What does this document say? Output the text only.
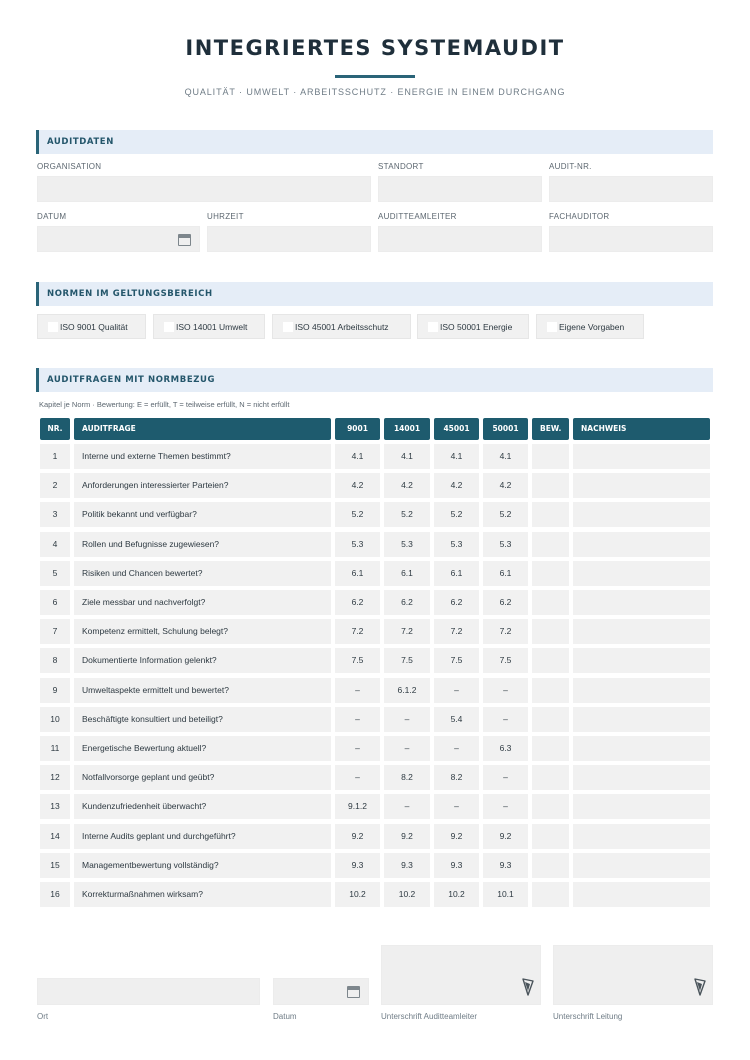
INTEGRIERTES SYSTEMAUDIT
QUALITÄT · UMWELT · ARBEITSSCHUTZ · ENERGIE IN EINEM DURCHGANG
AUDITDATEN
ORGANISATION	STANDORT	AUDIT-NR.
DATUM	UHRZEIT	AUDITTEAMLEITER	FACHAUDITOR
NORMEN IM GELTUNGSBEREICH
ISO 9001 Qualität	ISO 14001 Umwelt	ISO 45001 Arbeitsschutz	ISO 50001 Energie	Eigene Vorgaben
AUDITFRAGEN MIT NORMBEZUG
Kapitel je Norm · Bewertung: E = erfüllt, T = teilweise erfüllt, N = nicht erfüllt
NR.	AUDITFRAGE	9001	14001	45001	50001	BEW.	NACHWEIS
1	Interne und externe Themen bestimmt?	4.1	4.1	4.1	4.1
2	Anforderungen interessierter Parteien?	4.2	4.2	4.2	4.2
3	Politik bekannt und verfügbar?	5.2	5.2	5.2	5.2
4	Rollen und Befugnisse zugewiesen?	5.3	5.3	5.3	5.3
5	Risiken und Chancen bewertet?	6.1	6.1	6.1	6.1
6	Ziele messbar und nachverfolgt?	6.2	6.2	6.2	6.2
7	Kompetenz ermittelt, Schulung belegt?	7.2	7.2	7.2	7.2
8	Dokumentierte Information gelenkt?	7.5	7.5	7.5	7.5
9	Umweltaspekte ermittelt und bewertet?	–	6.1.2	–	–
10	Beschäftigte konsultiert und beteiligt?	–	–	5.4	–
11	Energetische Bewertung aktuell?	–	–	–	6.3
12	Notfallvorsorge geplant und geübt?	–	8.2	8.2	–
13	Kundenzufriedenheit überwacht?	9.1.2	–	–	–
14	Interne Audits geplant und durchgeführt?	9.2	9.2	9.2	9.2
15	Managementbewertung vollständig?	9.3	9.3	9.3	9.3
16	Korrekturmaßnahmen wirksam?	10.2	10.2	10.2	10.1
Ort	Datum	Unterschrift Auditteamleiter	Unterschrift Leitung
